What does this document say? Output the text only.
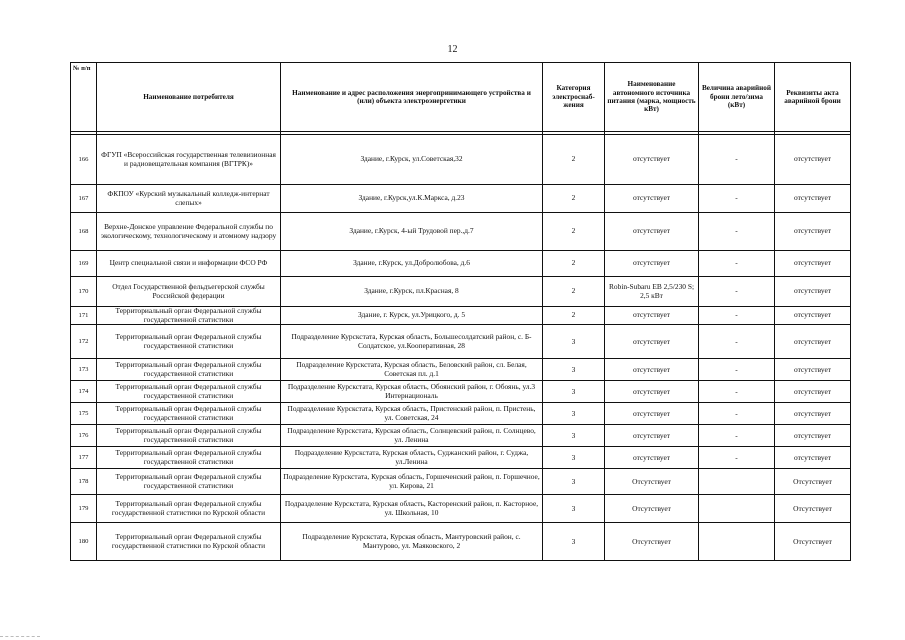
12
№ п/п	Наименование потребителя	Наименование и адрес расположения энергопринимающего устройства и (или) объекта электроэнергетики	Категория электроснаб-жения	Наименование автономного источника питания (марка, мощность кВт)	Величина аварийной брони лето/зима (кВт)	Реквизиты акта аварийной брони

166	ФГУП «Всероссийская государственная телевизионная и радиовещательная компания (ВГТРК)»	Здание, г.Курск, ул.Советская,32	2	отсутствует	-	отсутствует
167	ФКПОУ «Курский музыкальный колледж-интернат слепых»	Здание, г.Курск,ул.К.Маркса, д.23	2	отсутствует	-	отсутствует
168	Верхне-Донское управление Федеральной службы по экологическому, технологическому и атомному надзору	Здание, г.Курск, 4-ый Трудовой пер.,д.7	2	отсутствует	-	отсутствует
169	Центр специальной связи и информации ФСО РФ	Здание, г.Курск, ул.Добролюбова, д.6	2	отсутствует	-	отсутствует
170	Отдел Государственной фельдъегерской службы Российской федерации	Здание, г.Курск, пл.Красная, 8	2	Robin-Subaru EB 2,5/230 S; 2,5 кВт	-	отсутствует
171	Территориальный орган Федеральной службы государственной статистики	Здание, г. Курск, ул.Урицкого, д. 5	2	отсутствует	-	отсутствует
172	Территориальный орган Федеральной службы государственной статистики	Подразделение Курскстата, Курская область, Большесолдатский район, с. Б-Солдатское, ул.Кооперативная, 28	3	отсутствует	-	отсутствует
173	Территориальный орган Федеральной службы государственной статистики	Подразделение Курскстата, Курская область, Беловский район, сл. Белая, Советская пл. д.1	3	отсутствует	-	отсутствует
174	Территориальный орган Федеральной службы государственной статистики	Подразделение Курскстата, Курская область, Обоянский район, г. Обоянь, ул.3 Интернациональ	3	отсутствует	-	отсутствует
175	Территориальный орган Федеральной службы государственной статистики	Подразделение Курскстата, Курская область, Пристенский район, п. Пристень, ул. Советская, 24	3	отсутствует	-	отсутствует
176	Территориальный орган Федеральной службы государственной статистики	Подразделение Курскстата, Курская область, Солнцевский район, п. Солнцево, ул. Ленина	3	отсутствует	-	отсутствует
177	Территориальный орган Федеральной службы государственной статистики	Подразделение Курскстата, Курская область, Суджанский район, г. Суджа, ул.Ленина	3	отсутствует	-	отсутствует
178	Территориальный орган Федеральной службы государственной статистики	Подразделение Курскстата, Курская область, Горшеченский район, п. Горшечное, ул. Кирова, 21	3	Отсутствует		Отсутствует
179	Территориальный орган Федеральной службы государственной статистики по Курской области	Подразделение Курскстата, Курская область, Касторенский район, п. Касторное, ул. Школьная, 10	3	Отсутствует		Отсутствует
180	Территориальный орган Федеральной службы государственной статистики по Курской области	Подразделение Курскстата, Курская область, Мантуровский район, с. Мантурово, ул. Маяковского, 2	3	Отсутствует		Отсутствует
